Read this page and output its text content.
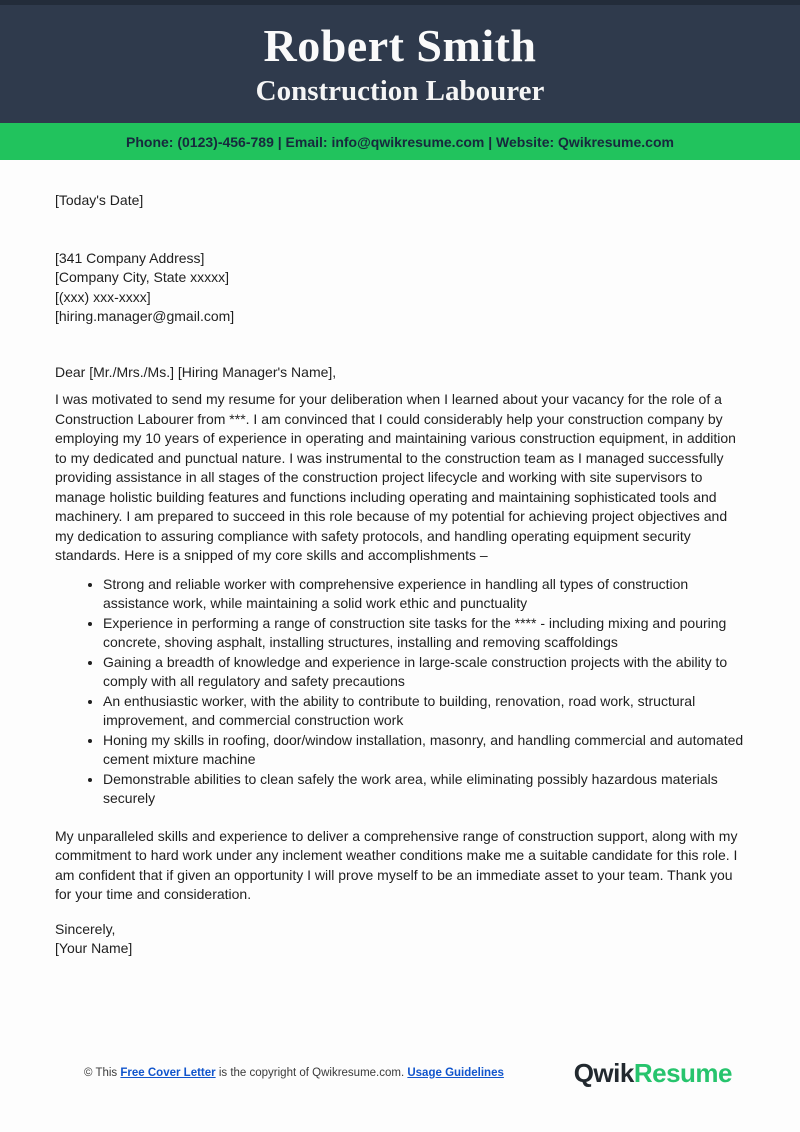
Robert Smith
Construction Labourer
Phone: (0123)-456-789 | Email: info@qwikresume.com | Website: Qwikresume.com
[Today's Date]
[341 Company Address]
[Company City, State xxxxx]
[(xxx) xxx-xxxx]
[hiring.manager@gmail.com]
Dear [Mr./Mrs./Ms.] [Hiring Manager's Name],

I was motivated to send my resume for your deliberation when I learned about your vacancy for the role of a Construction Labourer from ***. I am convinced that I could considerably help your construction company by employing my 10 years of experience in operating and maintaining various construction equipment, in addition to my dedicated and punctual nature. I was instrumental to the construction team as I managed successfully providing assistance in all stages of the construction project lifecycle and working with site supervisors to manage holistic building features and functions including operating and maintaining sophisticated tools and machinery. I am prepared to succeed in this role because of my potential for achieving project objectives and my dedication to assuring compliance with safety protocols, and handling operating equipment security standards. Here is a snipped of my core skills and accomplishments –

• Strong and reliable worker with comprehensive experience in handling all types of construction assistance work, while maintaining a solid work ethic and punctuality
• Experience in performing a range of construction site tasks for the **** - including mixing and pouring concrete, shoving asphalt, installing structures, installing and removing scaffoldings
• Gaining a breadth of knowledge and experience in large-scale construction projects with the ability to comply with all regulatory and safety precautions
• An enthusiastic worker, with the ability to contribute to building, renovation, road work, structural improvement, and commercial construction work
• Honing my skills in roofing, door/window installation, masonry, and handling commercial and automated cement mixture machine
• Demonstrable abilities to clean safely the work area, while eliminating possibly hazardous materials securely

My unparalleled skills and experience to deliver a comprehensive range of construction support, along with my commitment to hard work under any inclement weather conditions make me a suitable candidate for this role. I am confident that if given an opportunity I will prove myself to be an immediate asset to your team. Thank you for your time and consideration.

Sincerely,
[Your Name]
© This Free Cover Letter is the copyright of Qwikresume.com. Usage Guidelines	QwikResume
